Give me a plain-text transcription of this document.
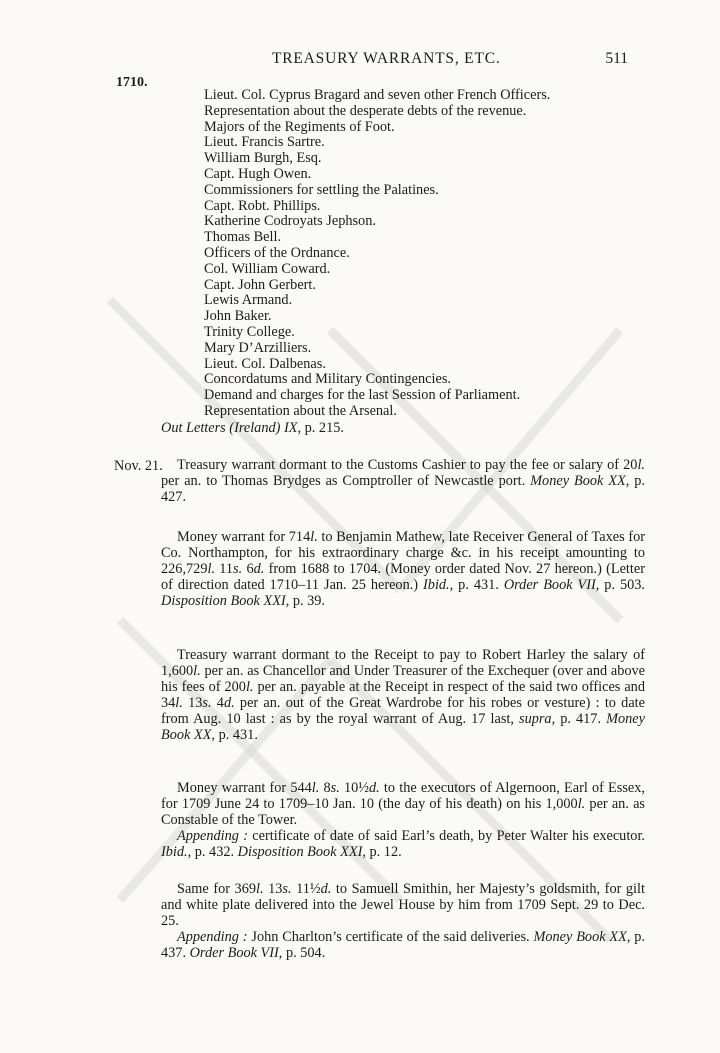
TREASURY WARRANTS, ETC.	511
1710.
Lieut. Col. Cyprus Bragard and seven other French Officers.
Representation about the desperate debts of the revenue.
Majors of the Regiments of Foot.
Lieut. Francis Sartre.
William Burgh, Esq.
Capt. Hugh Owen.
Commissioners for settling the Palatines.
Capt. Robt. Phillips.
Katherine Codroyats Jephson.
Thomas Bell.
Officers of the Ordnance.
Col. William Coward.
Capt. John Gerbert.
Lewis Armand.
John Baker.
Trinity College.
Mary D’Arzilliers.
Lieut. Col. Dalbenas.
Concordatums and Military Contingencies.
Demand and charges for the last Session of Parliament.
Representation about the Arsenal.
Out Letters (Ireland) IX, p. 215.
Nov. 21. Treasury warrant dormant to the Customs Cashier to pay the fee or salary of 20l. per an. to Thomas Brydges as Comptroller of Newcastle port. Money Book XX, p. 427.

Money warrant for 714l. to Benjamin Mathew, late Receiver General of Taxes for Co. Northampton, for his extraordinary charge &c. in his receipt amounting to 226,729l. 11s. 6d. from 1688 to 1704. (Money order dated Nov. 27 hereon.) (Letter of direction dated 1710–11 Jan. 25 hereon.) Ibid., p. 431. Order Book VII, p. 503. Disposition Book XXI, p. 39.

Treasury warrant dormant to the Receipt to pay to Robert Harley the salary of 1,600l. per an. as Chancellor and Under Treasurer of the Exchequer (over and above his fees of 200l. per an. payable at the Receipt in respect of the said two offices and 34l. 13s. 4d. per an. out of the Great Wardrobe for his robes or vesture) : to date from Aug. 10 last : as by the royal warrant of Aug. 17 last, supra, p. 417. Money Book XX, p. 431.

Money warrant for 544l. 8s. 10½d. to the executors of Algernoon, Earl of Essex, for 1709 June 24 to 1709–10 Jan. 10 (the day of his death) on his 1,000l. per an. as Constable of the Tower.

Appending : certificate of date of said Earl’s death, by Peter Walter his executor. Ibid., p. 432. Disposition Book XXI, p. 12.

Same for 369l. 13s. 11½d. to Samuell Smithin, her Majesty’s goldsmith, for gilt and white plate delivered into the Jewel House by him from 1709 Sept. 29 to Dec. 25.

Appending : John Charlton’s certificate of the said deliveries. Money Book XX, p. 437. Order Book VII, p. 504.
